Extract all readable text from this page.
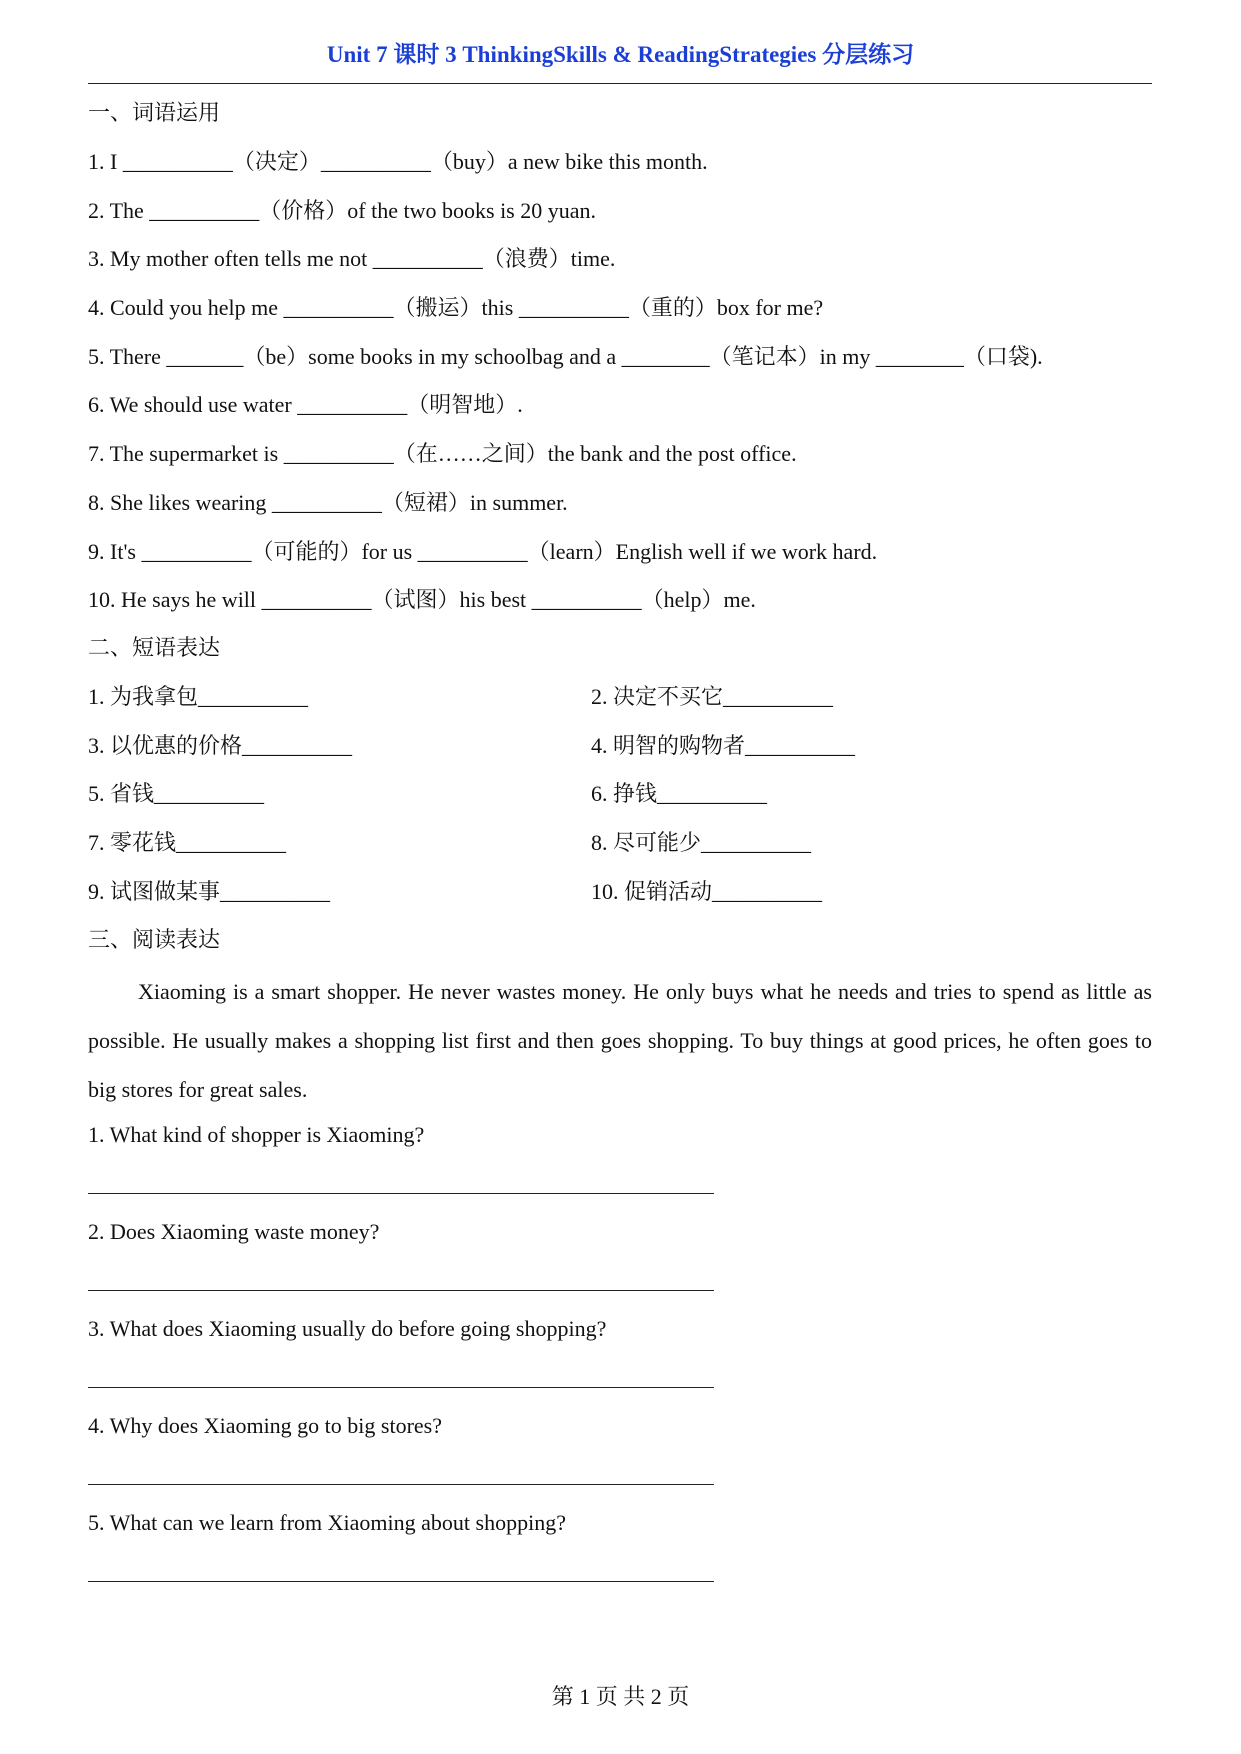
Unit 7 课时 3 ThinkingSkills & ReadingStrategies 分层练习
一、词语运用
1. I __________（决定）__________（buy）a new bike this month.
2. The __________（价格）of the two books is 20 yuan.
3. My mother often tells me not __________（浪费）time.
4. Could you help me __________（搬运）this __________（重的）box for me?
5. There _______（be）some books in my schoolbag and a ________（笔记本）in my ________（口袋).
6. We should use water __________（明智地）.
7. The supermarket is __________（在……之间）the bank and the post office.
8. She likes wearing __________（短裙）in summer.
9. It's __________（可能的）for us __________（learn）English well if we work hard.
10. He says he will __________（试图）his best __________（help）me.
二、短语表达
1. 为我拿包__________	2. 决定不买它__________
3. 以优惠的价格__________	4. 明智的购物者__________
5. 省钱__________	6. 挣钱__________
7. 零花钱__________	8. 尽可能少__________
9. 试图做某事__________	10. 促销活动__________
三、阅读表达
Xiaoming is a smart shopper. He never wastes money. He only buys what he needs and tries to spend as little as possible. He usually makes a shopping list first and then goes shopping. To buy things at good prices, he often goes to big stores for great sales.
1. What kind of shopper is Xiaoming?
2. Does Xiaoming waste money?
3. What does Xiaoming usually do before going shopping?
4. Why does Xiaoming go to big stores?
5. What can we learn from Xiaoming about shopping?
第 1 页 共 2 页
